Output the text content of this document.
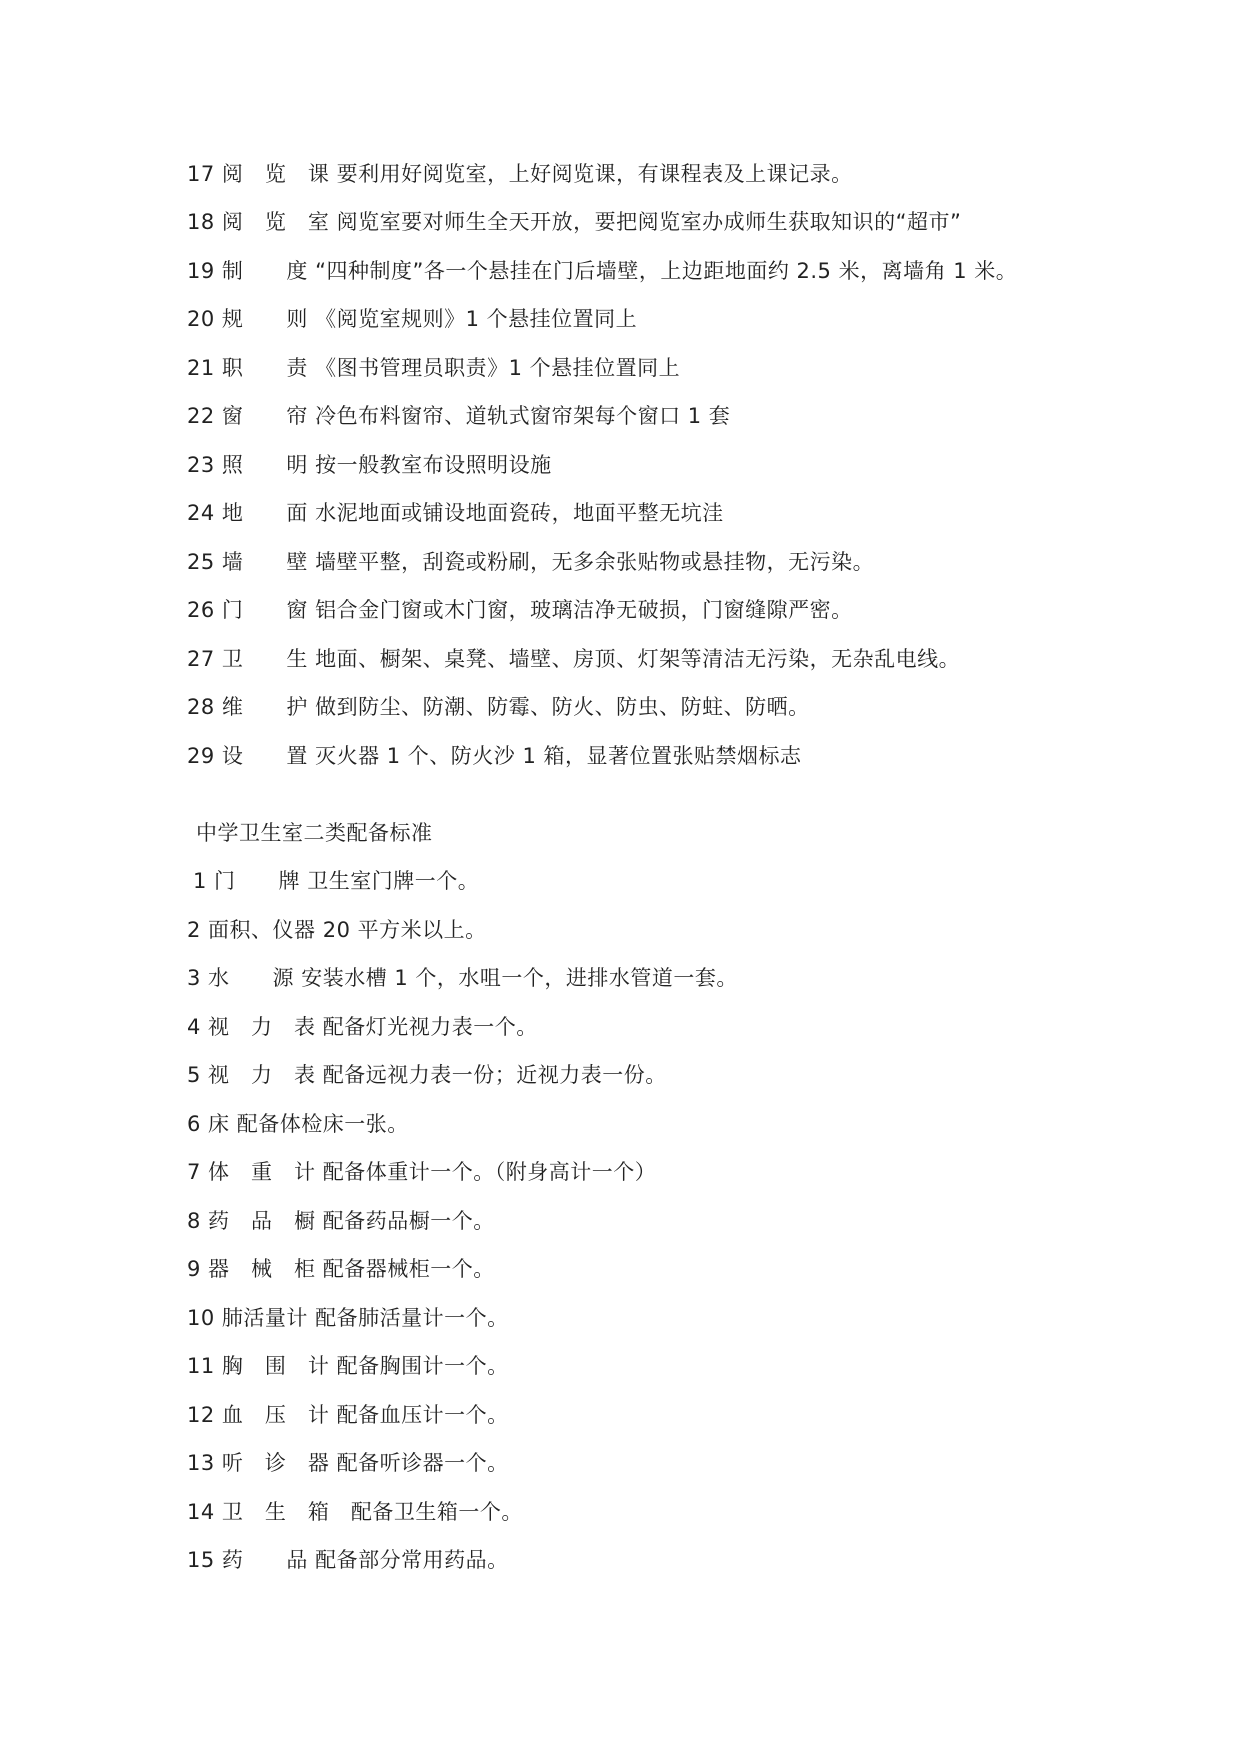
17 阅　览　课 要利用好阅览室，上好阅览课，有课程表及上课记录。
18 阅　览　室 阅览室要对师生全天开放，要把阅览室办成师生获取知识的“超市”
19 制　　度 “四种制度”各一个悬挂在门后墙壁，上边距地面约 2.5 米，离墙角 1 米。
20 规　　则 《阅览室规则》1 个悬挂位置同上
21 职　　责 《图书管理员职责》1 个悬挂位置同上
22 窗　　帘 冷色布料窗帘、道轨式窗帘架每个窗口 1 套
23 照　　明 按一般教室布设照明设施
24 地　　面 水泥地面或铺设地面瓷砖，地面平整无坑洼
25 墙　　壁 墙壁平整，刮瓷或粉刷，无多余张贴物或悬挂物，无污染。
26 门　　窗 铝合金门窗或木门窗，玻璃洁净无破损，门窗缝隙严密。
27 卫　　生 地面、橱架、桌凳、墙壁、房顶、灯架等清洁无污染，无杂乱电线。
28 维　　护 做到防尘、防潮、防霉、防火、防虫、防蛀、防晒。
29 设　　置 灭火器 1 个、防火沙 1 箱，显著位置张贴禁烟标志
中学卫生室二类配备标准
1 门　　牌 卫生室门牌一个。
2 面积、仪器 20 平方米以上。
3 水　　源 安装水槽 1 个，水咀一个，进排水管道一套。
4 视　力　表 配备灯光视力表一个。
5 视　力　表 配备远视力表一份；近视力表一份。
6 床 配备体检床一张。
7 体　重　计 配备体重计一个。（附身高计一个）
8 药　品　橱 配备药品橱一个。
9 器　械　柜 配备器械柜一个。
10 肺活量计 配备肺活量计一个。
11 胸　围　计 配备胸围计一个。
12 血　压　计 配备血压计一个。
13 听　诊　器 配备听诊器一个。
14 卫　生　箱　配备卫生箱一个。
15 药　　品 配备部分常用药品。
